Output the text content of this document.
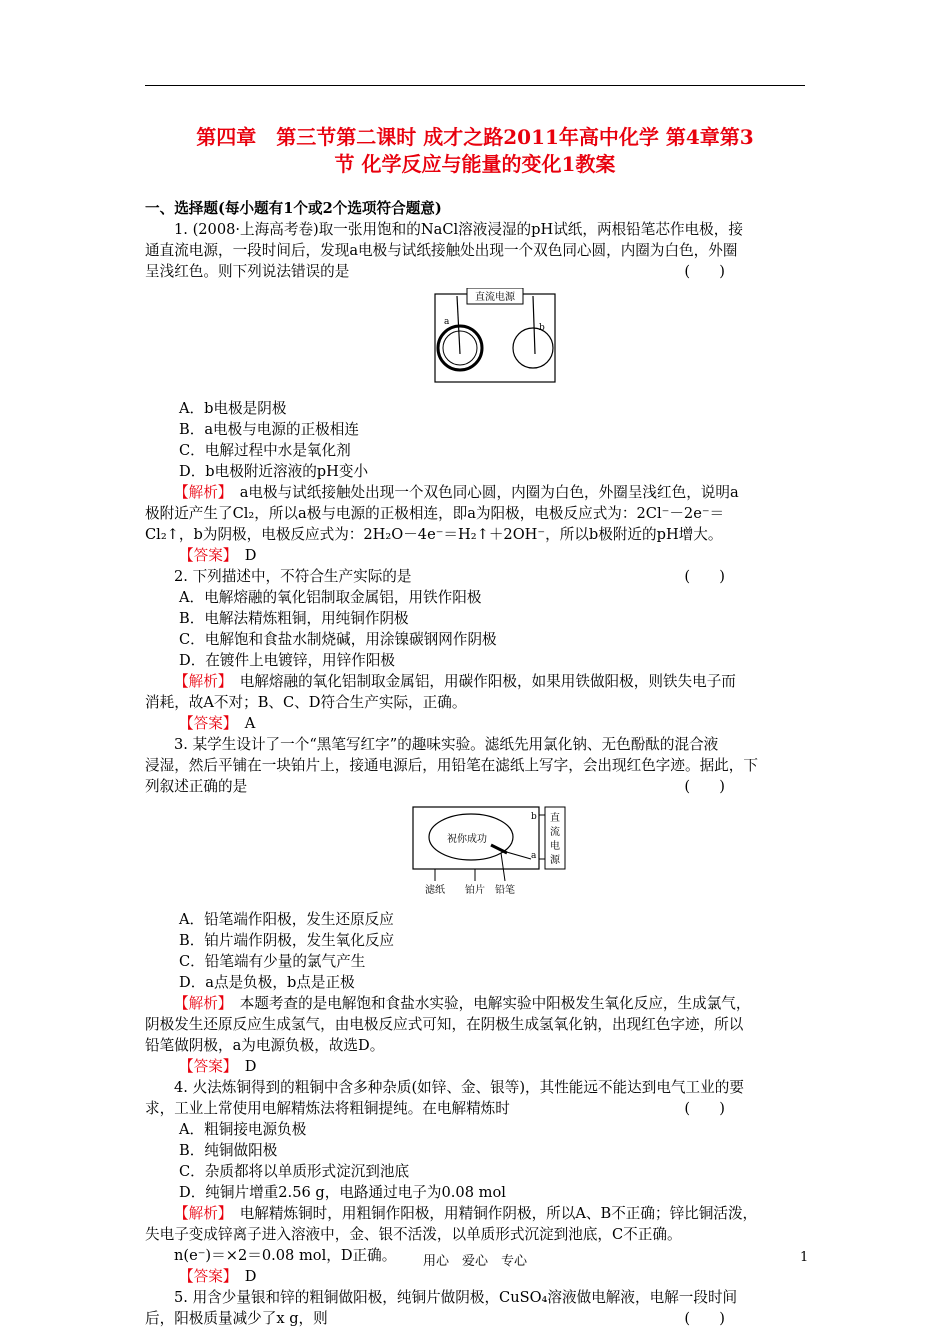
第四章　第三节第二课时 成才之路2011年高中化学 第4章第3
节 化学反应与能量的变化1教案
一、选择题(每小题有1个或2个选项符合题意)
1. (2008·上海高考卷)取一张用饱和的NaCl溶液浸湿的pH试纸，两根铅笔芯作电极，接
通直流电源，一段时间后，发现a电极与试纸接触处出现一个双色同心圆，内圈为白色，外圈
呈浅红色。则下列说法错误的是	(　　)
直流电源
a
b
A．b电极是阴极
B．a电极与电源的正极相连
C．电解过程中水是氧化剂
D．b电极附近溶液的pH变小
【解析】　 a电极与试纸接触处出现一个双色同心圆，内圈为白色，外圈呈浅红色，说明a
极附近产生了Cl₂，所以a极与电源的正极相连，即a为阳极，电极反应式为：2Cl⁻－2e⁻＝
Cl₂↑，b为阴极，电极反应式为：2H₂O－4e⁻＝H₂↑＋2OH⁻，所以b极附近的pH增大。
【答案】　 D
2. 下列描述中，不符合生产实际的是	(　　)
A．电解熔融的氧化铝制取金属铝，用铁作阳极
B．电解法精炼粗铜，用纯铜作阴极
C．电解饱和食盐水制烧碱，用涂镍碳钢网作阴极
D．在镀件上电镀锌，用锌作阳极
【解析】　 电解熔融的氧化铝制取金属铝，用碳作阳极，如果用铁做阳极，则铁失电子而
消耗，故A不对；B、C、D符合生产实际，正确。
【答案】　 A
3. 某学生设计了一个“黑笔写红字”的趣味实验。滤纸先用氯化钠、无色酚酞的混合液
浸湿，然后平铺在一块铂片上，接通电源后，用铅笔在滤纸上写字，会出现红色字迹。据此，下
列叙述正确的是	(　　)
祝你成功
b
a
直
流
电
源
滤纸 铂片 铅笔
A．铅笔端作阳极，发生还原反应
B．铂片端作阴极，发生氧化反应
C．铅笔端有少量的氯气产生
D．a点是负极，b点是正极
【解析】　 本题考查的是电解饱和食盐水实验，电解实验中阳极发生氧化反应，生成氯气，
阴极发生还原反应生成氢气，由电极反应式可知，在阴极生成氢氧化钠，出现红色字迹，所以
铅笔做阴极，a为电源负极，故选D。
【答案】　 D
4. 火法炼铜得到的粗铜中含多种杂质(如锌、金、银等)，其性能远不能达到电气工业的要
求，工业上常使用电解精炼法将粗铜提纯。在电解精炼时	(　　)
A．粗铜接电源负极
B．纯铜做阳极
C．杂质都将以单质形式淀沉到池底
D．纯铜片增重2.56 g，电路通过电子为0.08 mol
【解析】　 电解精炼铜时，用粗铜作阳极，用精铜作阴极，所以A、B不正确；锌比铜活泼，
失电子变成锌离子进入溶液中，金、银不活泼，以单质形式沉淀到池底，C不正确。
n(e⁻)＝×2＝0.08 mol，D正确。
【答案】　 D
5. 用含少量银和锌的粗铜做阳极，纯铜片做阴极，CuSO₄溶液做电解液，电解一段时间
后，阳极质量减少了x g，则	(　　)
用心　爱心　专心	1
